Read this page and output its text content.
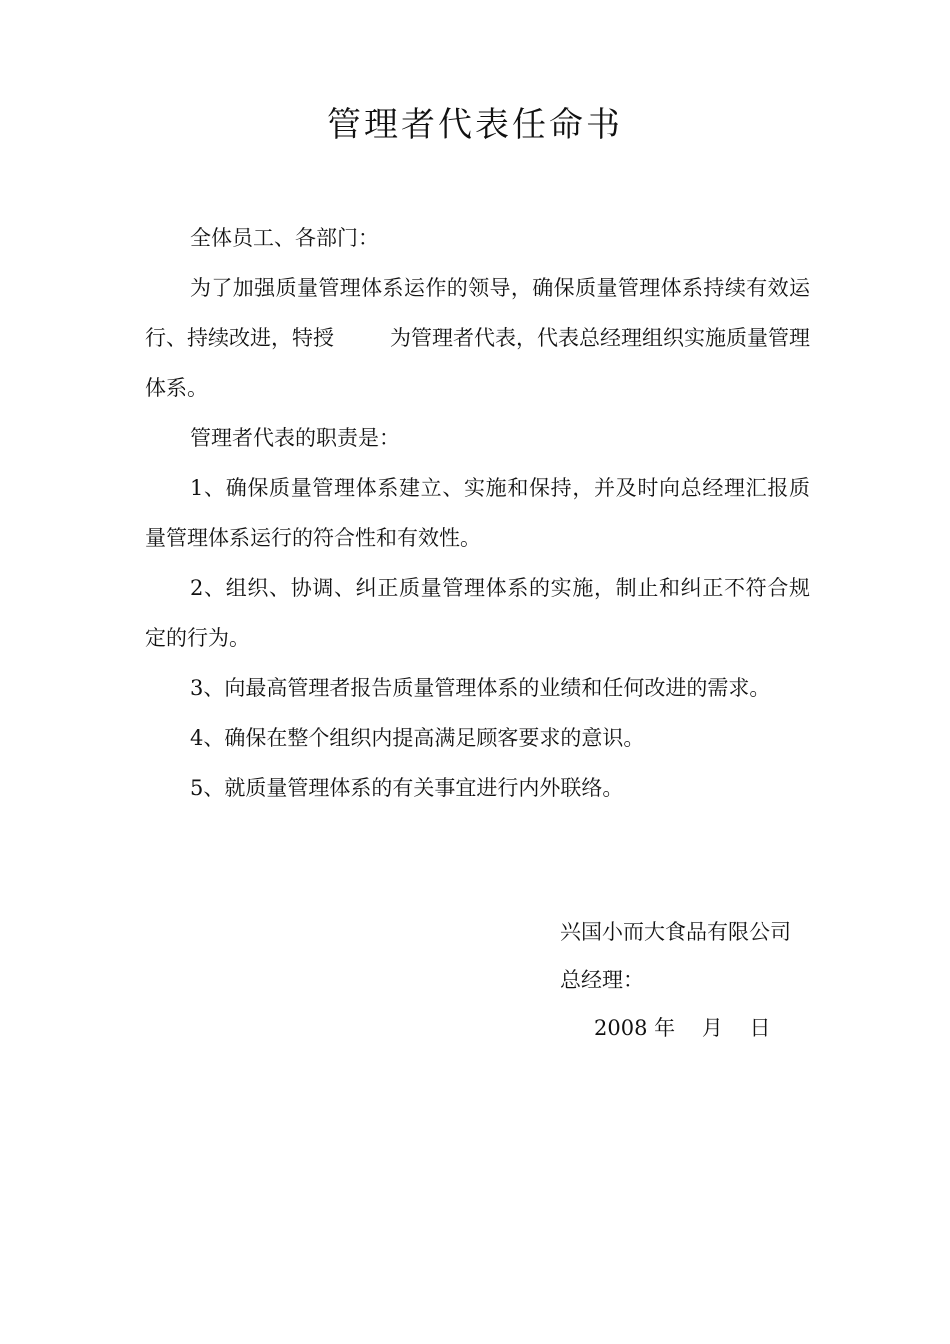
管理者代表任命书

全体员工、各部门：

为了加强质量管理体系运作的领导，确保质量管理体系持续有效运行、持续改进，特授	为管理者代表，代表总经理组织实施质量管理体系。

管理者代表的职责是：

1、确保质量管理体系建立、实施和保持，并及时向总经理汇报质量管理体系运行的符合性和有效性。

2、组织、协调、纠正质量管理体系的实施，制止和纠正不符合规定的行为。

3、向最高管理者报告质量管理体系的业绩和任何改进的需求。

4、确保在整个组织内提高满足顾客要求的意识。

5、就质量管理体系的有关事宜进行内外联络。

兴国小而大食品有限公司

总经理：

2008 年    月    日
